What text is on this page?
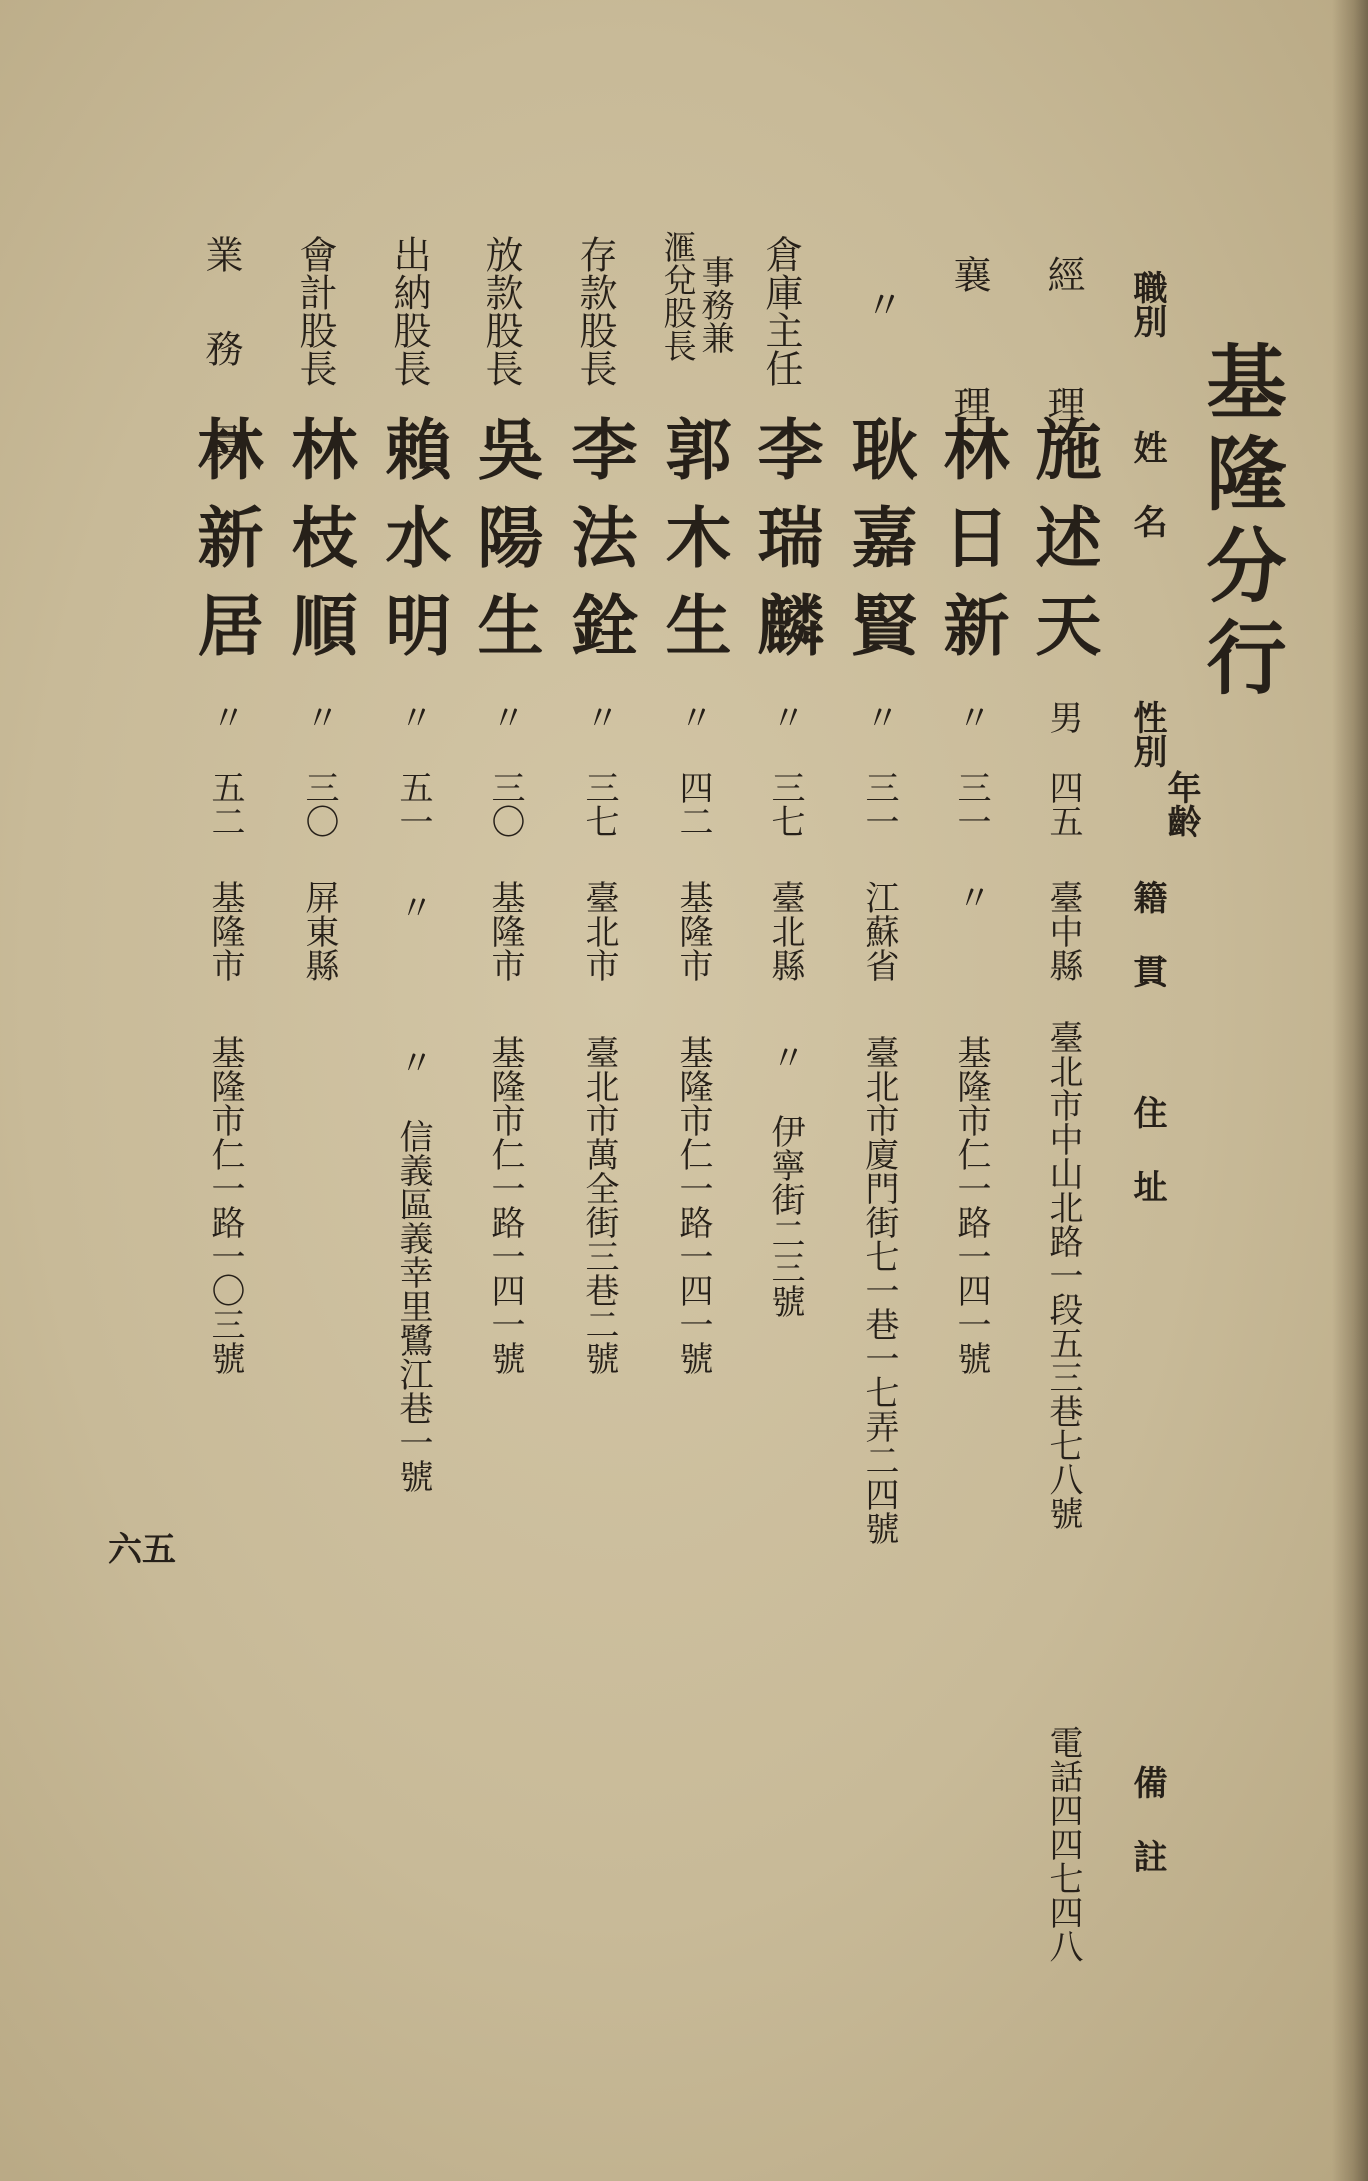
基隆分行
職別
姓 名
性別
年齡
籍 貫
住 址
備 註
經 理
施述天
男
四五
臺中縣
臺北市中山北路一段五三巷七八號
電話四四七四八
襄 理
林日新
〃
三一
〃
基隆市仁一路一四一號
〃
耿嘉賢
〃
三一
江蘇省
臺北市廈門街七一巷一七弄二四號
倉庫主任
李瑞麟
〃
三七
臺北縣
〃 伊寧街二三號
事務兼
滙兌股長
郭木生
〃
四二
基隆市
基隆市仁一路一四一號
存款股長
李法銓
〃
三七
臺北市
臺北市萬全街三巷二號
放款股長
吳陽生
〃
三〇
基隆市
基隆市仁一路一四一號
出納股長
賴水明
〃
五一
〃
〃 信義區義幸里鷺江巷一號
會計股長
林枝順
〃
三〇
屏東縣
業 務 員
林新居
〃
五二
基隆市
基隆市仁一路一〇三號
六五
